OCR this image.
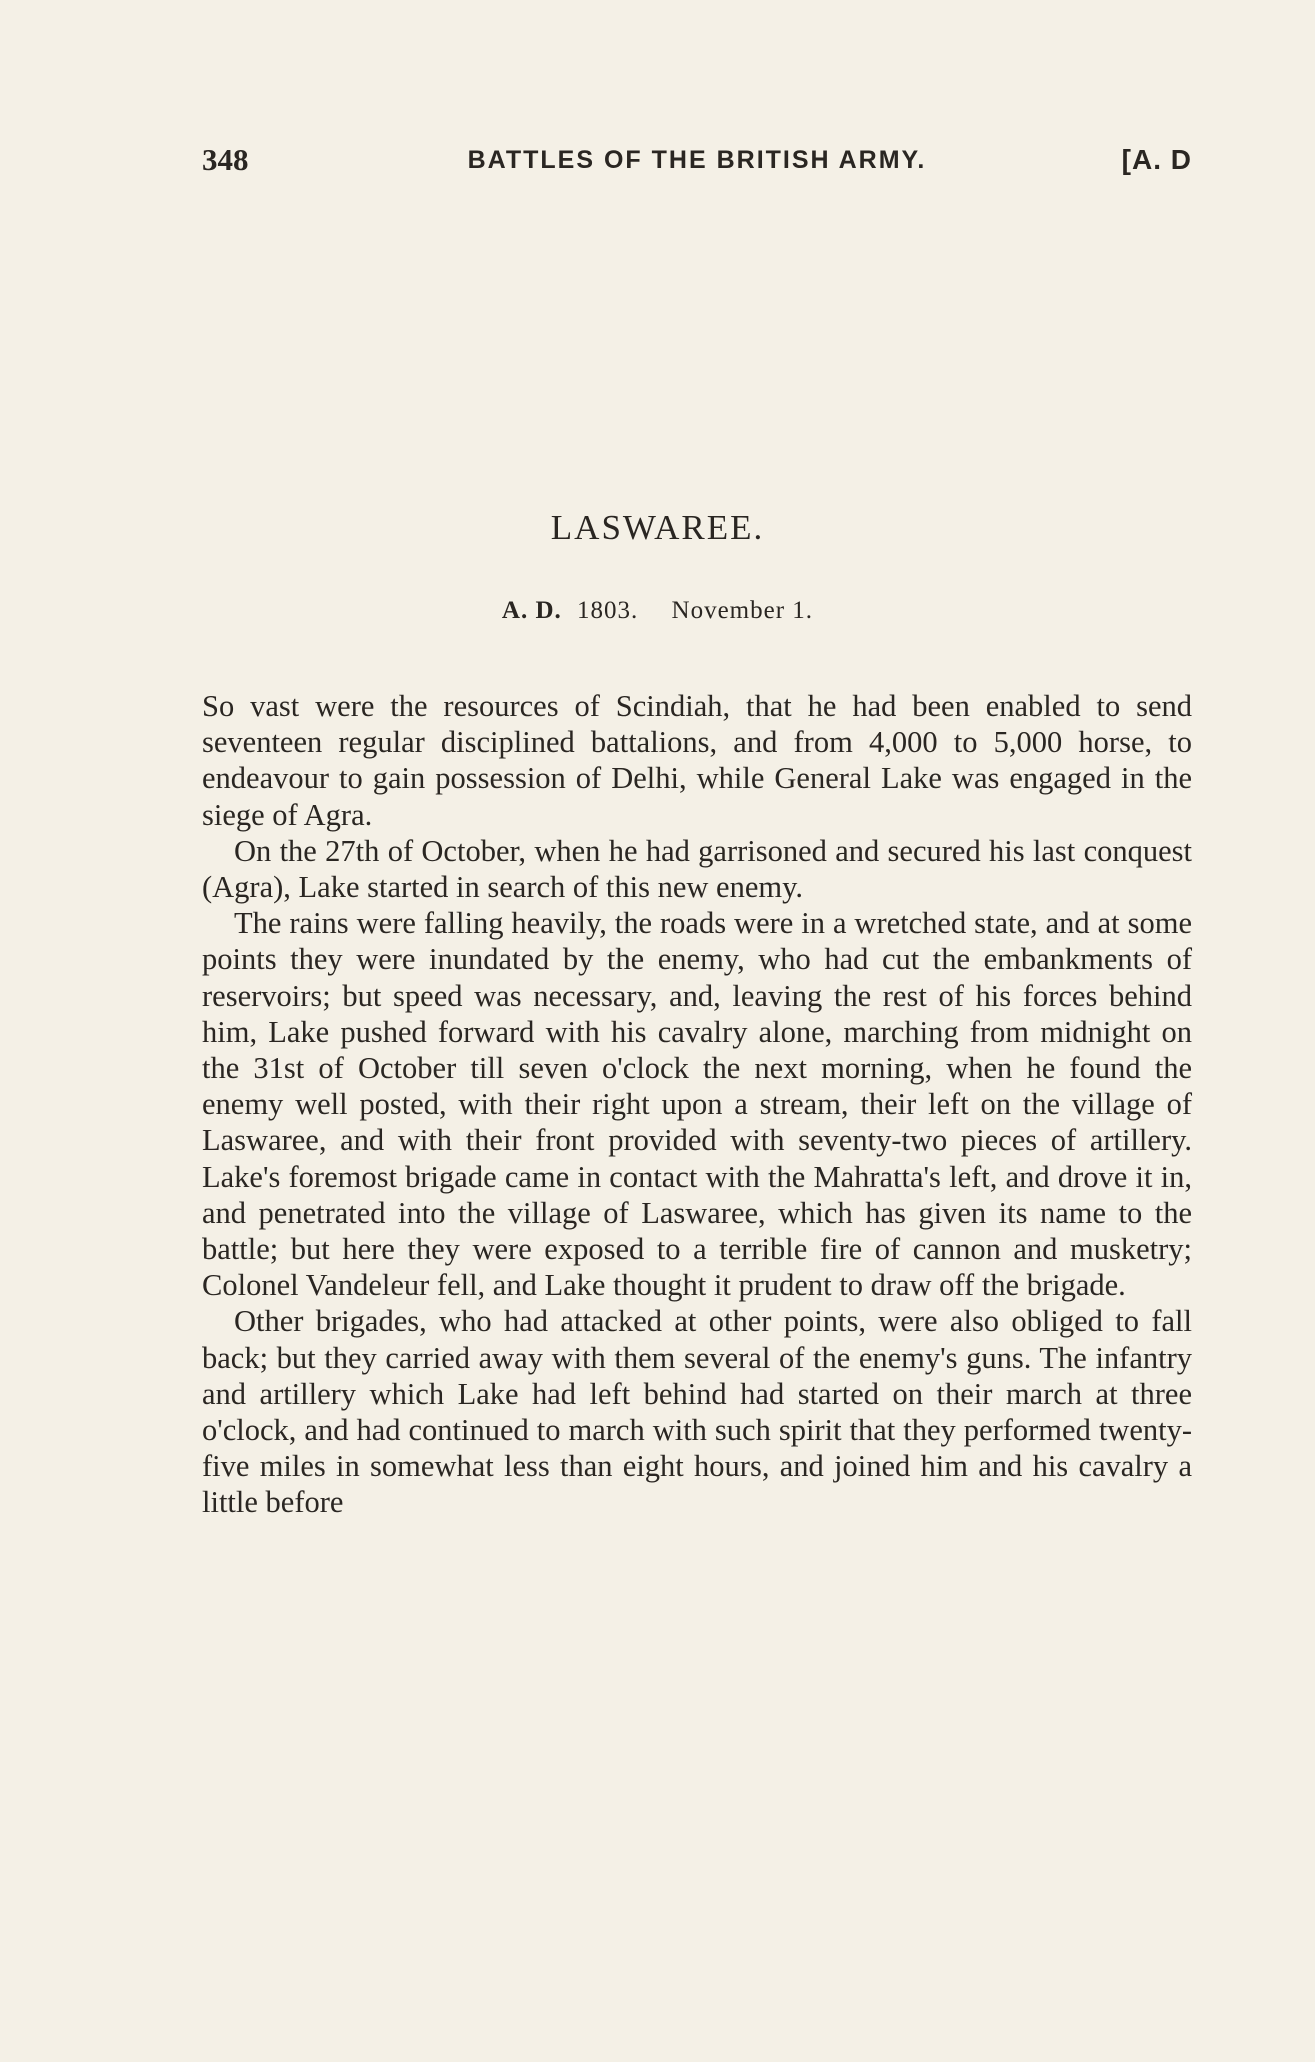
348	BATTLES OF THE BRITISH ARMY.	[A. D
LASWAREE.
A. D. 1803. November 1.

So vast were the resources of Scindiah, that he had been enabled to send seventeen regular disciplined battalions, and from 4,000 to 5,000 horse, to endeavour to gain possession of Delhi, while General Lake was engaged in the siege of Agra.

On the 27th of October, when he had garrisoned and secured his last conquest (Agra), Lake started in search of this new enemy.

The rains were falling heavily, the roads were in a wretched state, and at some points they were inundated by the enemy, who had cut the embankments of reservoirs; but speed was necessary, and, leaving the rest of his forces behind him, Lake pushed forward with his cavalry alone, marching from midnight on the 31st of October till seven o'clock the next morning, when he found the enemy well posted, with their right upon a stream, their left on the village of Laswaree, and with their front provided with seventy-two pieces of artillery. Lake's foremost brigade came in contact with the Mahratta's left, and drove it in, and penetrated into the village of Laswaree, which has given its name to the battle; but here they were exposed to a terrible fire of cannon and musketry; Colonel Vandeleur fell, and Lake thought it prudent to draw off the brigade.

Other brigades, who had attacked at other points, were also obliged to fall back; but they carried away with them several of the enemy's guns. The infantry and artillery which Lake had left behind had started on their march at three o'clock, and had continued to march with such spirit that they performed twenty-five miles in somewhat less than eight hours, and joined him and his cavalry a little before
